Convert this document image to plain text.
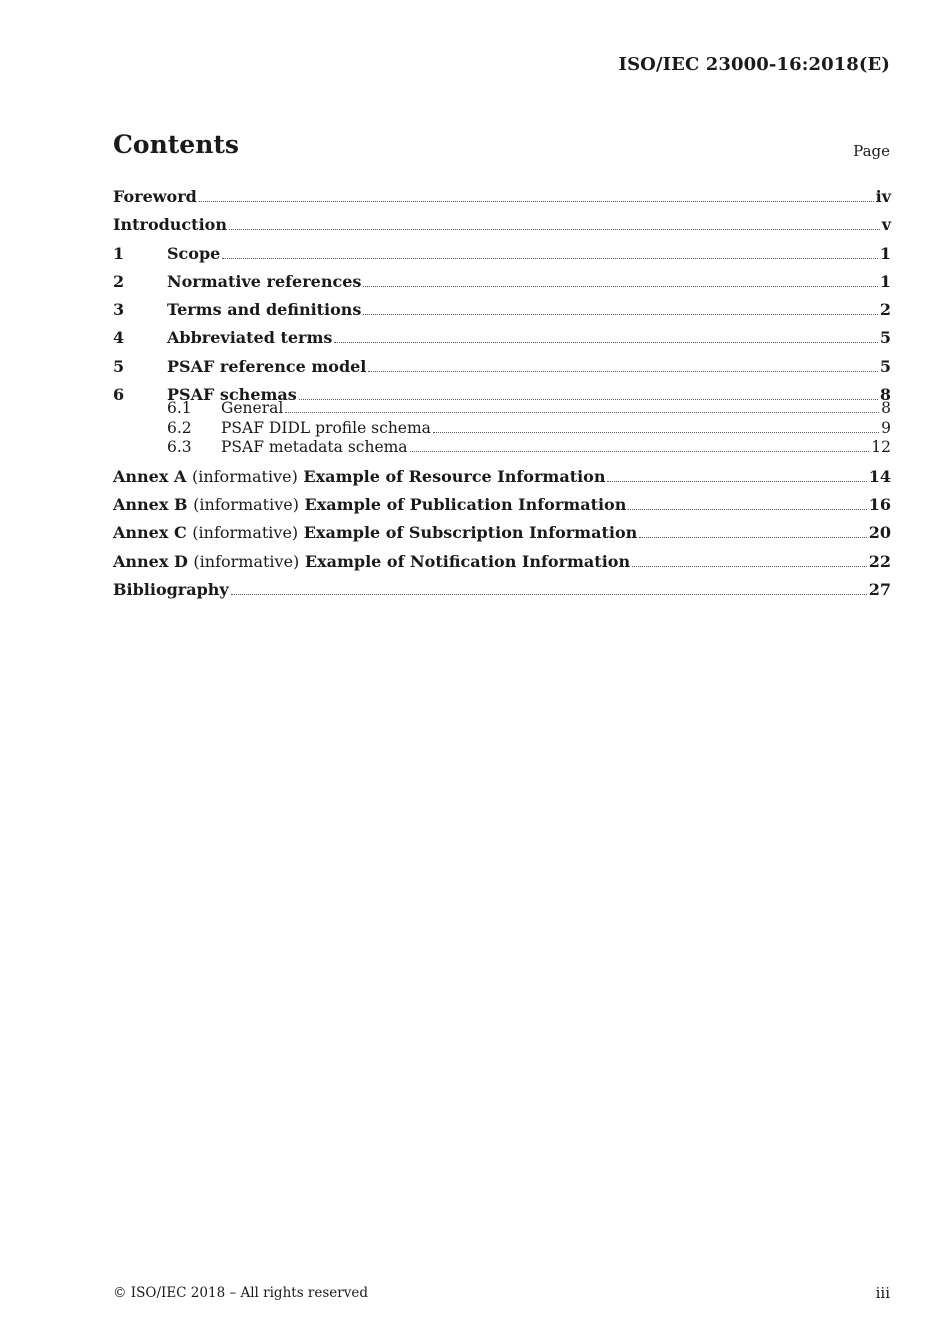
ISO/IEC 23000-16:2018(E)
Contents	Page
Foreword	iv
Introduction	v
1	Scope	1
2	Normative references	1
3	Terms and definitions	2
4	Abbreviated terms	5
5	PSAF reference model	5
6	PSAF schemas	8
6.1	General	8
6.2	PSAF DIDL profile schema	9
6.3	PSAF metadata schema	12
Annex A (informative) Example of Resource Information	14
Annex B (informative) Example of Publication Information	16
Annex C (informative) Example of Subscription Information	20
Annex D (informative) Example of Notification Information	22
Bibliography	27
© ISO/IEC 2018 – All rights reserved	iii
